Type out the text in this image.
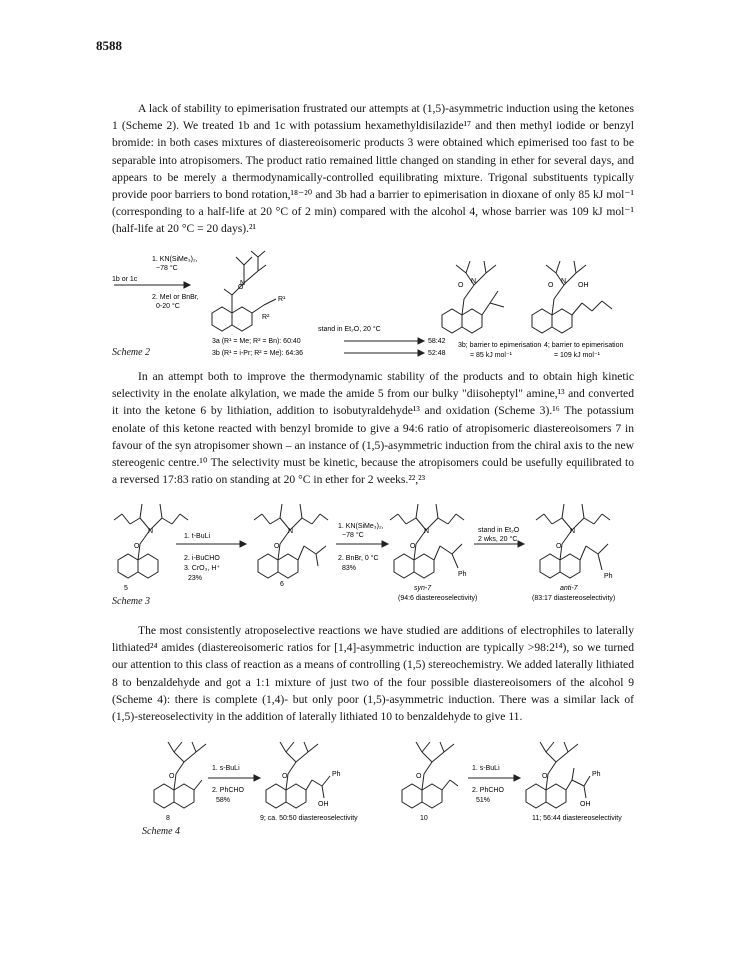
8588

A lack of stability to epimerisation frustrated our attempts at (1,5)-asymmetric induction using the ketones 1 (Scheme 2). We treated 1b and 1c with potassium hexamethyldisilazide¹⁷ and then methyl iodide or benzyl bromide: in both cases mixtures of diastereoisomeric products 3 were obtained which epimerised too fast to be separable into atropisomers. The product ratio remained little changed on standing in ether for several days, and appears to be merely a thermodynamically-controlled equilibrating mixture. Trigonal substituents typically provide poor barriers to bond rotation,¹⁸⁻²⁰ and 3b had a barrier to epimerisation in dioxane of only 85 kJ mol⁻¹ (corresponding to a half-life at 20 °C of 2 min) compared with the alcohol 4, whose barrier was 109 kJ mol⁻¹ (half-life at 20 °C = 20 days).²¹

1. KN(SiMe₃)₂,
−78 °C
1b or 1c
2. MeI or BnBr,
0-20 °C
O
N
R¹
R²
stand in Et₂O, 20 °C
3a (R¹ = Me; R² = Bn): 60:40	58:42
3b (R¹ = i-Pr; R² = Me): 64:36	52:48
O
N
3b; barrier to epimerisation
= 85 kJ mol⁻¹
O
N
OH
4; barrier to epimerisation
= 109 kJ mol⁻¹
Scheme 2

In an attempt both to improve the thermodynamic stability of the products and to obtain high kinetic selectivity in the enolate alkylation, we made the amide 5 from our bulky "diisoheptyl" amine,¹³ and converted it into the ketone 6 by lithiation, addition to isobutyraldehyde¹³ and oxidation (Scheme 3).¹⁶ The potassium enolate of this ketone reacted with benzyl bromide to give a 94:6 ratio of atropisomeric diastereoisomers 7 in favour of the syn atropisomer shown – an instance of (1,5)-asymmetric induction from the chiral axis to the new stereogenic centre.¹⁰ The selectivity must be kinetic, because the atropisomers could be usefully equilibrated to a reversed 17:83 ratio on standing at 20 °C in ether for 2 weeks.²²,²³

O
N
1. t-BuLi
2. i-BuCHO
3. CrO₃, H⁺
23%
5
O
N
6
1. KN(SiMe₃)₂,
−78 °C
2. BnBr, 0 °C
83%
O
N
Ph
syn-7
(94:6 diastereoselectivity)
stand in Et₂O
2 wks, 20 °C
O
N
Ph
anti-7
(83:17 diastereoselectivity)
Scheme 3

The most consistently atroposelective reactions we have studied are additions of electrophiles to laterally lithiated²⁴ amides (diastereoisomeric ratios for [1,4]-asymmetric induction are typically >98:2¹⁴), so we turned our attention to this class of reaction as a means of controlling (1,5) stereochemistry. We added laterally lithiated 8 to benzaldehyde and got a 1:1 mixture of just two of the four possible diastereoisomers of the alcohol 9 (Scheme 4): there is complete (1,4)- but only poor (1,5)-asymmetric induction. There was a similar lack of (1,5)-stereoselectivity in the addition of laterally lithiated 10 to benzaldehyde to give 11.

O
1. s-BuLi
2. PhCHO
58%
8
O	Ph
OH
9; ca. 50:50 diastereoselectivity
O
1. s-BuLi
2. PhCHO
51%
10
O	Ph
OH
11; 56:44 diastereoselectivity
Scheme 4
